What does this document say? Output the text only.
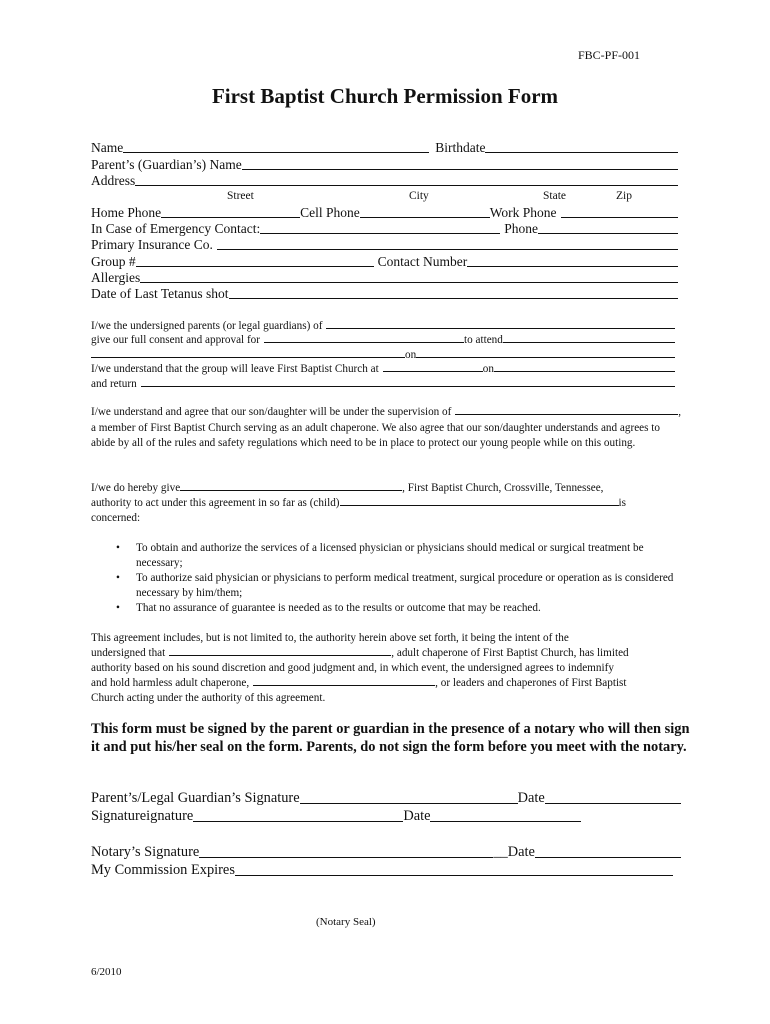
FBC-PF-001
First Baptist Church Permission Form
Name	Birthdate
Parent’s (Guardian’s) Name
Address
Street	City	State	Zip
Home Phone	Cell Phone	Work Phone
In Case of Emergency Contact:	Phone
Primary Insurance Co.
Group #	Contact Number
Allergies
Date of Last Tetanus shot
I/we the undersigned parents (or legal guardians) of
give our full consent and approval for	to attend
on
I/we understand that the group will leave First Baptist Church at	on
and return
I/we understand and agree that our son/daughter will be under the supervision of	,
a member of First Baptist Church serving as an adult chaperone. We also agree that our son/daughter understands and agrees to abide by all of the rules and safety regulations which need to be in place to protect our young people while on this outing.
I/we do hereby give	, First Baptist Church, Crossville, Tennessee,
authority to act under this agreement in so far as (child)	is
concerned:
• To obtain and authorize the services of a licensed physician or physicians should medical or surgical treatment be necessary;
• To authorize said physician or physicians to perform medical treatment, surgical procedure or operation as is considered necessary by him/them;
• That no assurance of guarantee is needed as to the results or outcome that may be reached.
This agreement includes, but is not limited to, the authority herein above set forth, it being the intent of the
undersigned that	, adult chaperone of First Baptist Church, has limited
authority based on his sound discretion and good judgment and, in which event, the undersigned agrees to indemnify
and hold harmless adult chaperone,	, or leaders and chaperones of First Baptist
Church acting under the authority of this agreement.
This form must be signed by the parent or guardian in the presence of a notary who will then sign it and put his/her seal on the form. Parents, do not sign the form before you meet with the notary.
Parent’s/Legal Guardian’s Signature	Date
Signatureignature	Date
Notary’s Signature	__Date
My Commission Expires
(Notary Seal)
6/2010
